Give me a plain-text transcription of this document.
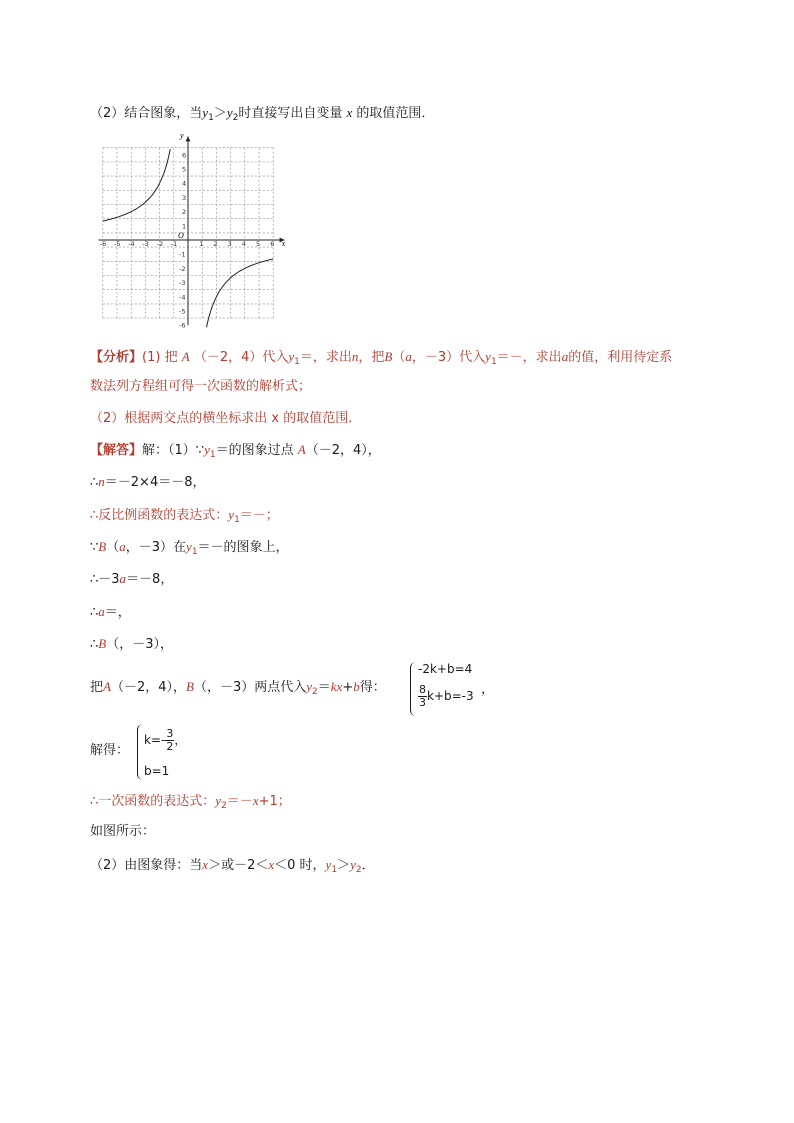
（2）结合图象，当$y_1>y_2$时直接写出自变量 x 的取值范围．
-6 -5 -4 -3 -2 -1	1 2 3 4 5 6
6
5
4
3
2
1
-1
-2
-3
-4
-5
-6
x
y
O
【分析】(1) 把 A （－2，4）代入$y_1=$，求出n，把B（a，－3）代入$y_1=-$，求出a的值，利用待定系
数法列方程组可得一次函数的解析式；
（2）根据两交点的横坐标求出 x 的取值范围．
【解答】解：$(1)\because y_1=$的图象过点 A（－2，4），
∴n＝－2×4＝－8，
∴反比例函数的表达式：$y_1=-$；
∵B（a，－3）在$y_1=-$的图象上，
∴－3a＝－8，
∴a＝，
∴B（，－3），
把A（－2，4），B（，－3）两点代入$y_2=kx+b$得：
-2k+b=4
$\frac{8}{3} k+b=-3$ ，
解得：
$k=- \frac{3}{2}$ ，
b=1
∴一次函数的表达式：$y_2=-x+1$；
如图所示：
（2）由图象得：当x＞或－2＜x＜0 时，$y_1>y_2$．
